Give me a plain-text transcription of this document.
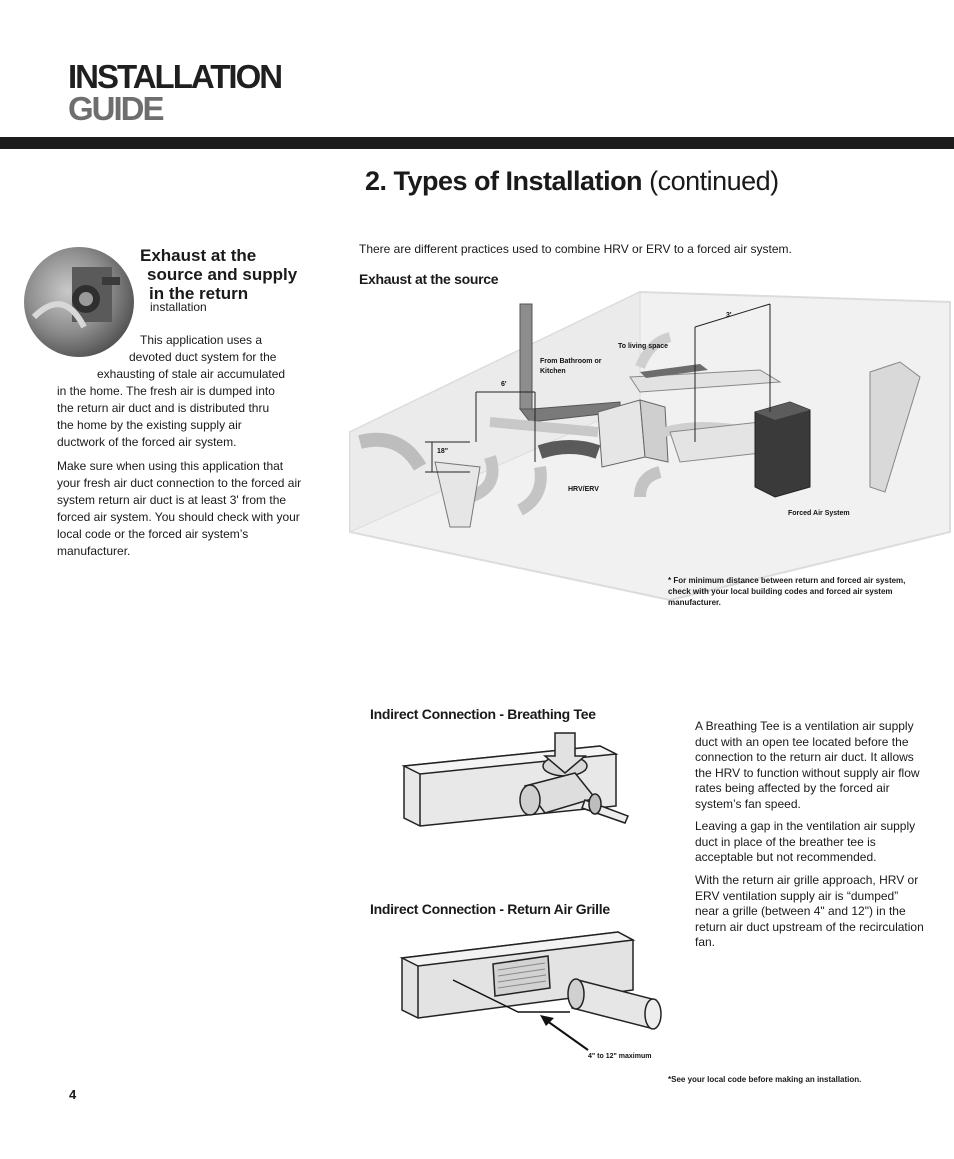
INSTALLATION
GUIDE
2. Types of Installation (continued)
Exhaust at the
source and supply
in the return
installation
This application uses a
devoted duct system for the
exhausting of stale air accumulated
in the home. The fresh air is dumped into
the return air duct and is distributed thru
the home by the existing supply air
ductwork of the forced air system.
Make sure when using this application that your fresh air duct connection to the forced air system return air duct is at least 3' from the forced air system. You should check with your local code or the forced air system’s manufacturer.
There are different practices used to combine HRV or ERV to a forced air system.
Exhaust at the source
3'
To living space
From Bathroom or
Kitchen
6'
18"
HRV/ERV
Forced Air System
* For minimum distance between return and forced air system, check with your local building codes and forced air system manufacturer.
Indirect Connection - Breathing Tee
Indirect Connection - Return Air Grille
4" to 12" maximum
A Breathing Tee is a ventilation air supply duct with an open tee located before the connection to the return air duct. It allows the HRV to function without supply air flow rates being affected by the forced air system’s fan speed.
Leaving a gap in the ventilation air supply duct in place of the breather tee is acceptable but not recommended.
With the return air grille approach, HRV or ERV ventilation supply air is “dumped” near a grille (between 4" and 12") in the return air duct upstream of the recirculation fan.
*See your local code before making an installation.
4
